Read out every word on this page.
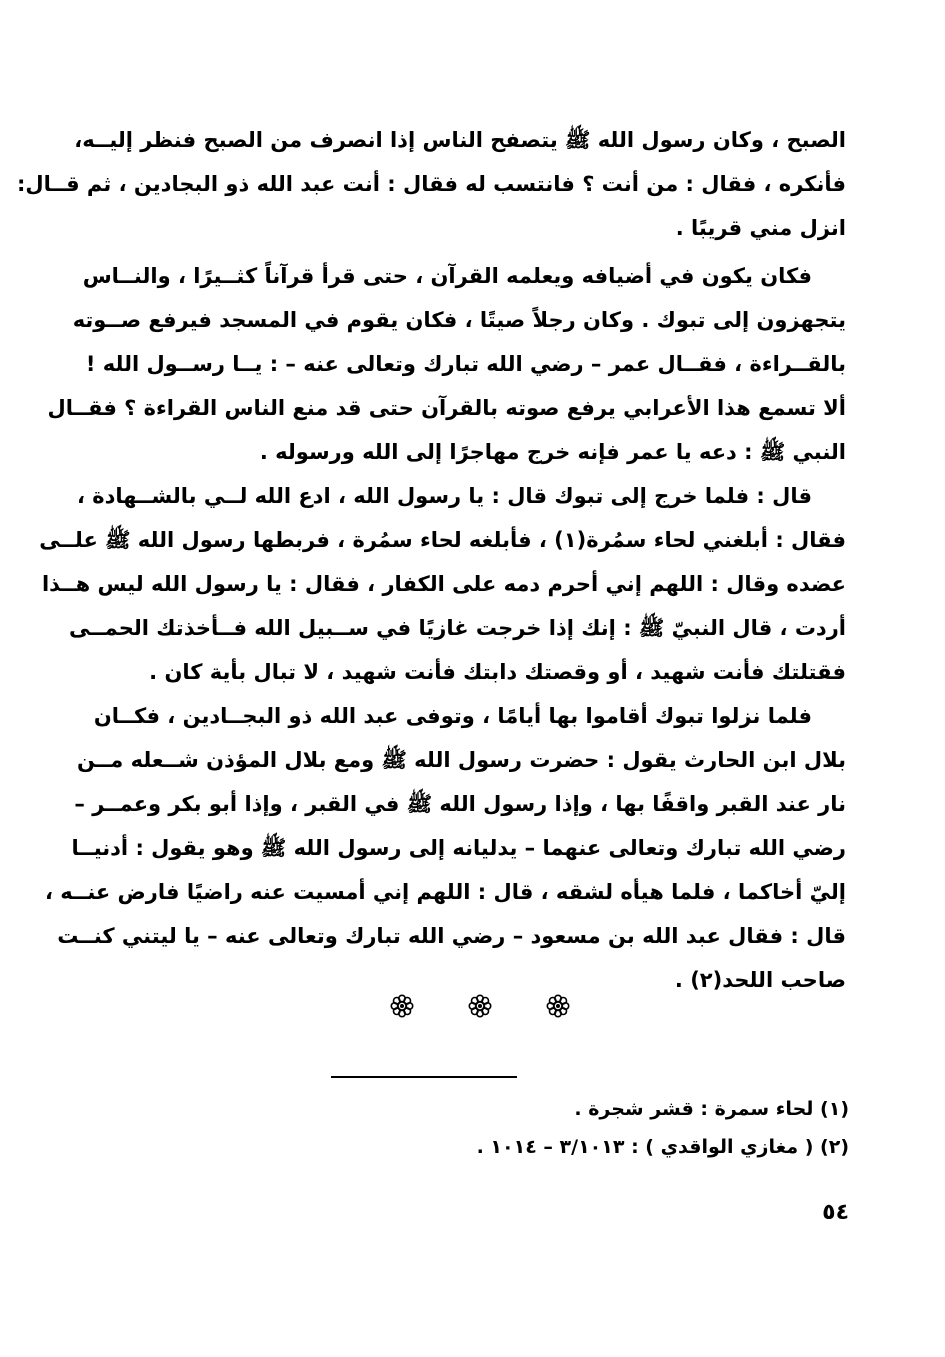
الصبح ، وكان رسول الله ﷺ يتصفح الناس إذا انصرف من الصبح فنظر إليــه،
فأنكره ، فقال : من أنت ؟ فانتسب له فقال : أنت عبد الله ذو البجادين ، ثم قــال:
انزل مني قريبًا .
فكان يكون في أضيافه ويعلمه القرآن ، حتى قرأ قرآناً كثــيرًا ، والنــاس
يتجهزون إلى تبوك . وكان رجلاً صيتًا ، فكان يقوم في المسجد فيرفع صــوته
بالقــراءة ، فقــال عمر – رضي الله تبارك وتعالى عنه – : يــا رســول الله !
ألا تسمع هذا الأعرابي يرفع صوته بالقرآن حتى قد منع الناس القراءة ؟ فقــال
النبي ﷺ : دعه يا عمر فإنه خرج مهاجرًا إلى الله ورسوله .
قال : فلما خرج إلى تبوك قال : يا رسول الله ، ادع الله لــي بالشــهادة ،
فقال : أبلغني لحاء سمُرة(١) ، فأبلغه لحاء سمُرة ، فربطها رسول الله ﷺ علــى
عضده وقال : اللهم إني أحرم دمه على الكفار ، فقال : يا رسول الله ليس هــذا
أردت ، قال النبيّ ﷺ : إنك إذا خرجت غازيًا في ســبيل الله فــأخذتك الحمــى
فقتلتك فأنت شهيد ، أو وقصتك دابتك فأنت شهيد ، لا تبال بأية كان .
فلما نزلوا تبوك أقاموا بها أيامًا ، وتوفى عبد الله ذو البجــادين ، فكــان
بلال ابن الحارث يقول : حضرت رسول الله ﷺ ومع بلال المؤذن شــعله مــن
نار عند القبر واقفًا بها ، وإذا رسول الله ﷺ في القبر ، وإذا أبو بكر وعمــر –
رضي الله تبارك وتعالى عنهما – يدليانه إلى رسول الله ﷺ وهو يقول : أدنيــا
إليّ أخاكما ، فلما هيأه لشقه ، قال : اللهم إني أمسيت عنه راضيًا فارض عنــه ،
قال : فقال عبد الله بن مسعود – رضي الله تبارك وتعالى عنه – يا ليتني كنــت
صاحب اللحد(٢) .
(١) لحاء سمرة : قشر شجرة .
(٢) ( مغازي الواقدي ) : ٣/١٠١٣ – ١٠١٤ .
٥٤
